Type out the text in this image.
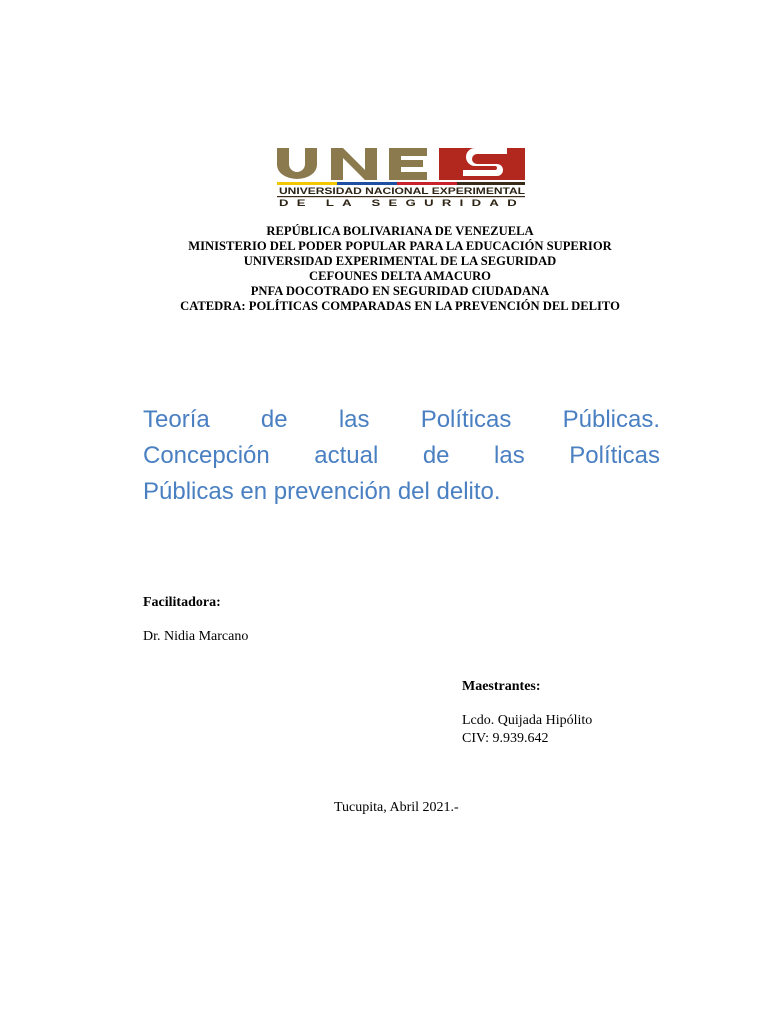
UNIVERSIDAD NACIONAL EXPERIMENTAL
DE LA SEGURIDAD
REPÚBLICA BOLIVARIANA DE VENEZUELA
MINISTERIO DEL PODER POPULAR PARA LA EDUCACIÓN SUPERIOR
UNIVERSIDAD EXPERIMENTAL DE LA SEGURIDAD
CEFOUNES DELTA AMACURO
PNFA DOCOTRADO EN SEGURIDAD CIUDADANA
CATEDRA: POLÍTICAS COMPARADAS EN LA PREVENCIÓN DEL DELITO
Teoría de las Políticas Públicas.
Concepción actual de las Políticas
Públicas en prevención del delito.
Facilitadora:
Dr. Nidia Marcano
Maestrantes:
Lcdo. Quijada Hipólito
CIV: 9.939.642
Tucupita, Abril 2021.-
